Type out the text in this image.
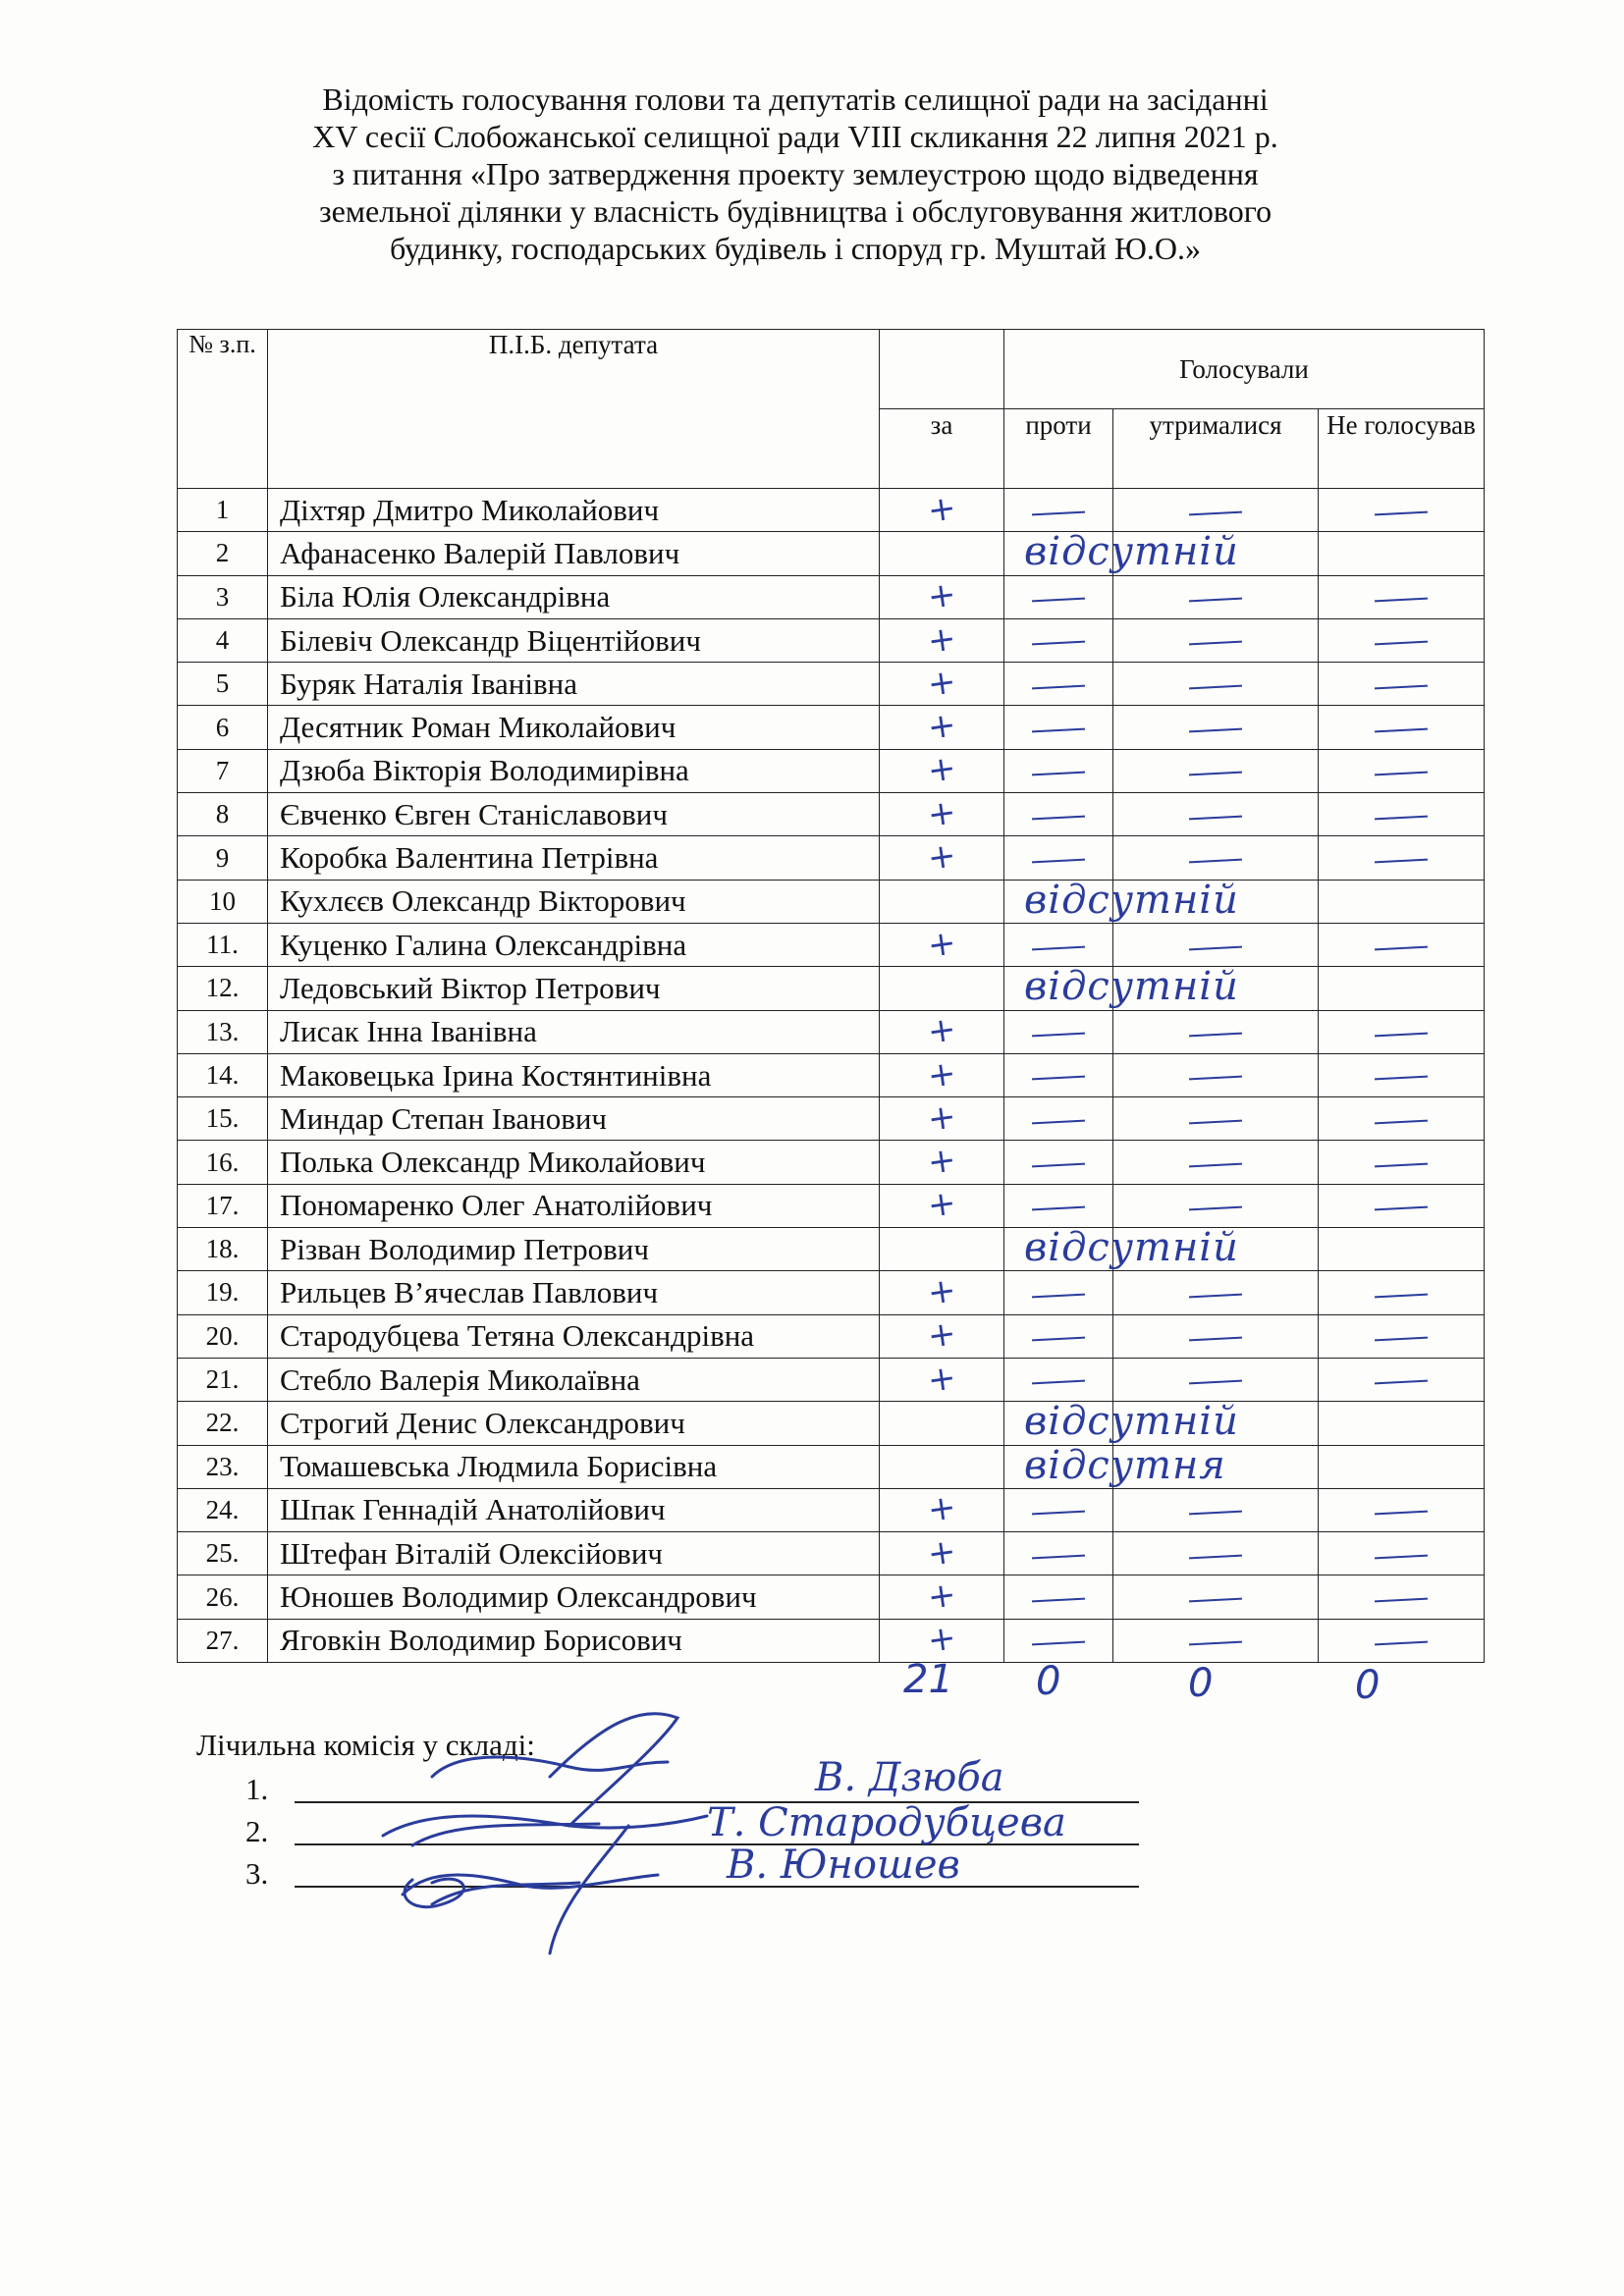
Відомість голосування голови та депутатів селищної ради на засіданні
XV сесії Слобожанської селищної ради VIII скликання 22 липня 2021 р.
з питання «Про затвердження проекту землеустрою щодо відведення
земельної ділянки у власність будівництва і обслуговування житлового
будинку, господарських будівель і споруд гр. Муштай Ю.О.»
№ з.п.	П.І.Б. депутата		Голосували		
		за	проти	утрималися	Не голосував
1	Діхтяр Дмитро Миколайович	+			
2	Афанасенко Валерій Павлович		відсутній		

3	Біла Юлія Олександрівна	+			
4	Білевіч Олександр Віцентійович	+			
5	Буряк Наталія Іванівна	+			
6	Десятник Роман Миколайович	+			
7	Дзюба Вікторія Володимирівна	+			
8	Євченко Євген Станіславович	+			
9	Коробка Валентина Петрівна	+			
10	Кухлєєв Олександр Вікторович		відсутній		

11.	Куценко Галина Олександрівна	+			
12.	Ледовський Віктор Петрович		відсутній		

13.	Лисак Інна Іванівна	+			
14.	Маковецька Ірина Костянтинівна	+			
15.	Миндар Степан Іванович	+			
16.	Полька Олександр Миколайович	+			
17.	Пономаренко Олег Анатолійович	+			
18.	Різван Володимир Петрович		відсутній		

19.	Рильцев В’ячеслав Павлович	+			
20.	Стародубцева Тетяна Олександрівна	+			
21.	Стебло Валерія Миколаївна	+			
22.	Строгий Денис Олександрович		відсутній		

23.	Томашевська Людмила Борисівна		відсутня		

24.	Шпак Геннадій Анатолійович	+			
25.	Штефан Віталій Олексійович	+			
26.	Юношев Володимир Олександрович	+			
27.	Яговкін Володимир Борисович	+			
21 0	0	0
Лічильна комісія у складі:
1.
2.
3.
В. Дзюба
Т. Стародубцева
В. Юношев
